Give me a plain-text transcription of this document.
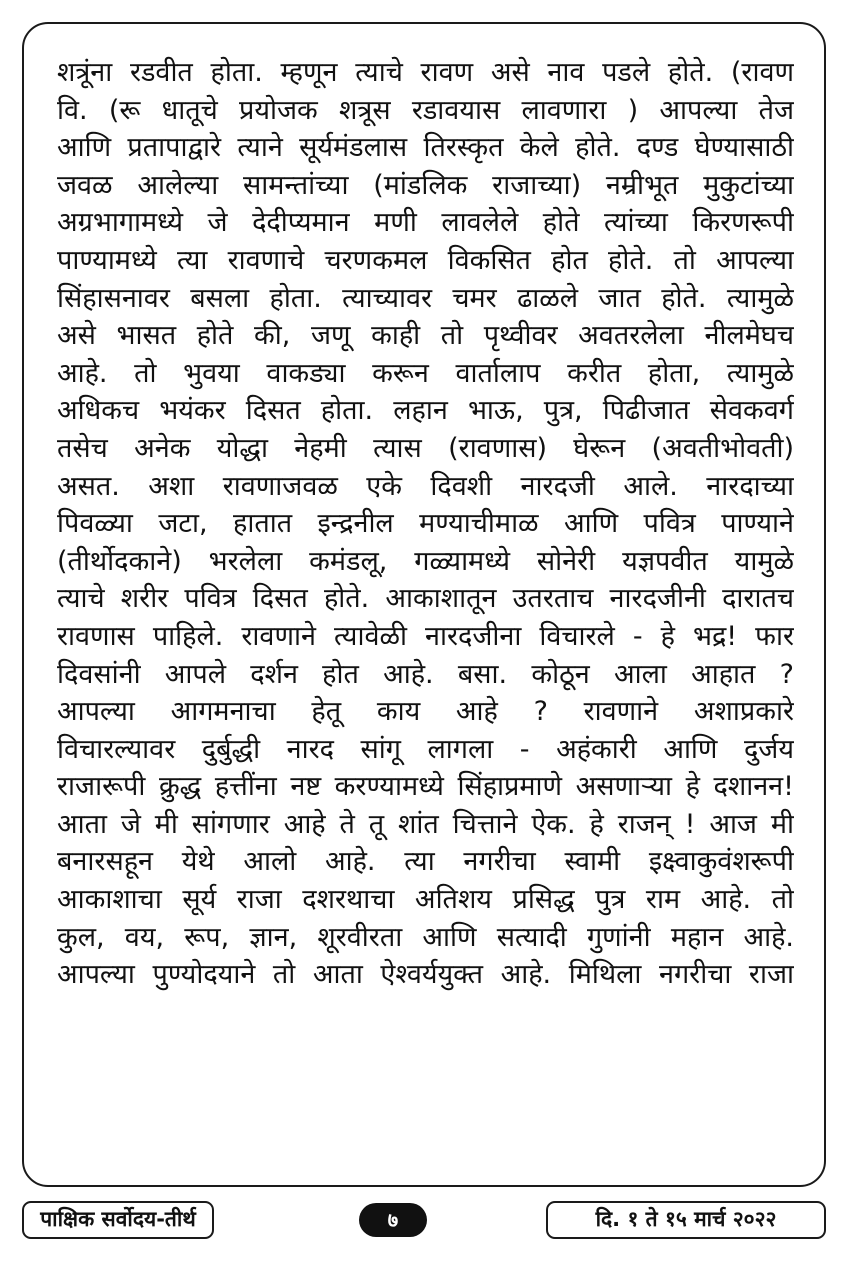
शत्रूंना रडवीत होता. म्हणून त्याचे रावण असे नाव पडले होते. (रावण
वि. (रू धातूचे प्रयोजक शत्रूस रडावयास लावणारा ) आपल्या तेज
आणि प्रतापाद्वारे त्याने सूर्यमंडलास तिरस्कृत केले होते. दण्ड घेण्यासाठी
जवळ आलेल्या सामन्तांच्या (मांडलिक राजाच्या) नम्रीभूत मुकुटांच्या
अग्रभागामध्ये जे देदीप्यमान मणी लावलेले होते त्यांच्या किरणरूपी
पाण्यामध्ये त्या रावणाचे चरणकमल विकसित होत होते. तो आपल्या
सिंहासनावर बसला होता. त्याच्यावर चमर ढाळले जात होते. त्यामुळे
असे भासत होते की, जणू काही तो पृथ्वीवर अवतरलेला नीलमेघच
आहे. तो भुवया वाकड्या करून वार्तालाप करीत होता, त्यामुळे
अधिकच भयंकर दिसत होता. लहान भाऊ, पुत्र, पिढीजात सेवकवर्ग
तसेच अनेक योद्धा नेहमी त्यास (रावणास) घेरून (अवतीभोवती)
असत. अशा रावणाजवळ एके दिवशी नारदजी आले. नारदाच्या
पिवळ्या जटा, हातात इन्द्रनील मण्याचीमाळ आणि पवित्र पाण्याने
(तीर्थोदकाने) भरलेला कमंडलू, गळ्यामध्ये सोनेरी यज्ञपवीत यामुळे
त्याचे शरीर पवित्र दिसत होते. आकाशातून उतरताच नारदजीनी दारातच
रावणास पाहिले. रावणाने त्यावेळी नारदजीना विचारले - हे भद्र! फार
दिवसांनी आपले दर्शन होत आहे. बसा. कोठून आला आहात ?
आपल्या आगमनाचा हेतू काय आहे ? रावणाने अशाप्रकारे
विचारल्यावर दुर्बुद्धी नारद सांगू लागला - अहंकारी आणि दुर्जय
राजारूपी क्रुद्ध हत्तींना नष्ट करण्यामध्ये सिंहाप्रमाणे असणाऱ्या हे दशानन!
आता जे मी सांगणार आहे ते तू शांत चित्ताने ऐक. हे राजन् ! आज मी
बनारसहून येथे आलो आहे. त्या नगरीचा स्वामी इक्ष्वाकुवंशरूपी
आकाशाचा सूर्य राजा दशरथाचा अतिशय प्रसिद्ध पुत्र राम आहे. तो
कुल, वय, रूप, ज्ञान, शूरवीरता आणि सत्यादी गुणांनी महान आहे.
आपल्या पुण्योदयाने तो आता ऐश्वर्ययुक्त आहे. मिथिला नगरीचा राजा
पाक्षिक सर्वोदय-तीर्थ	७	दि. १ ते १५ मार्च २०२२
